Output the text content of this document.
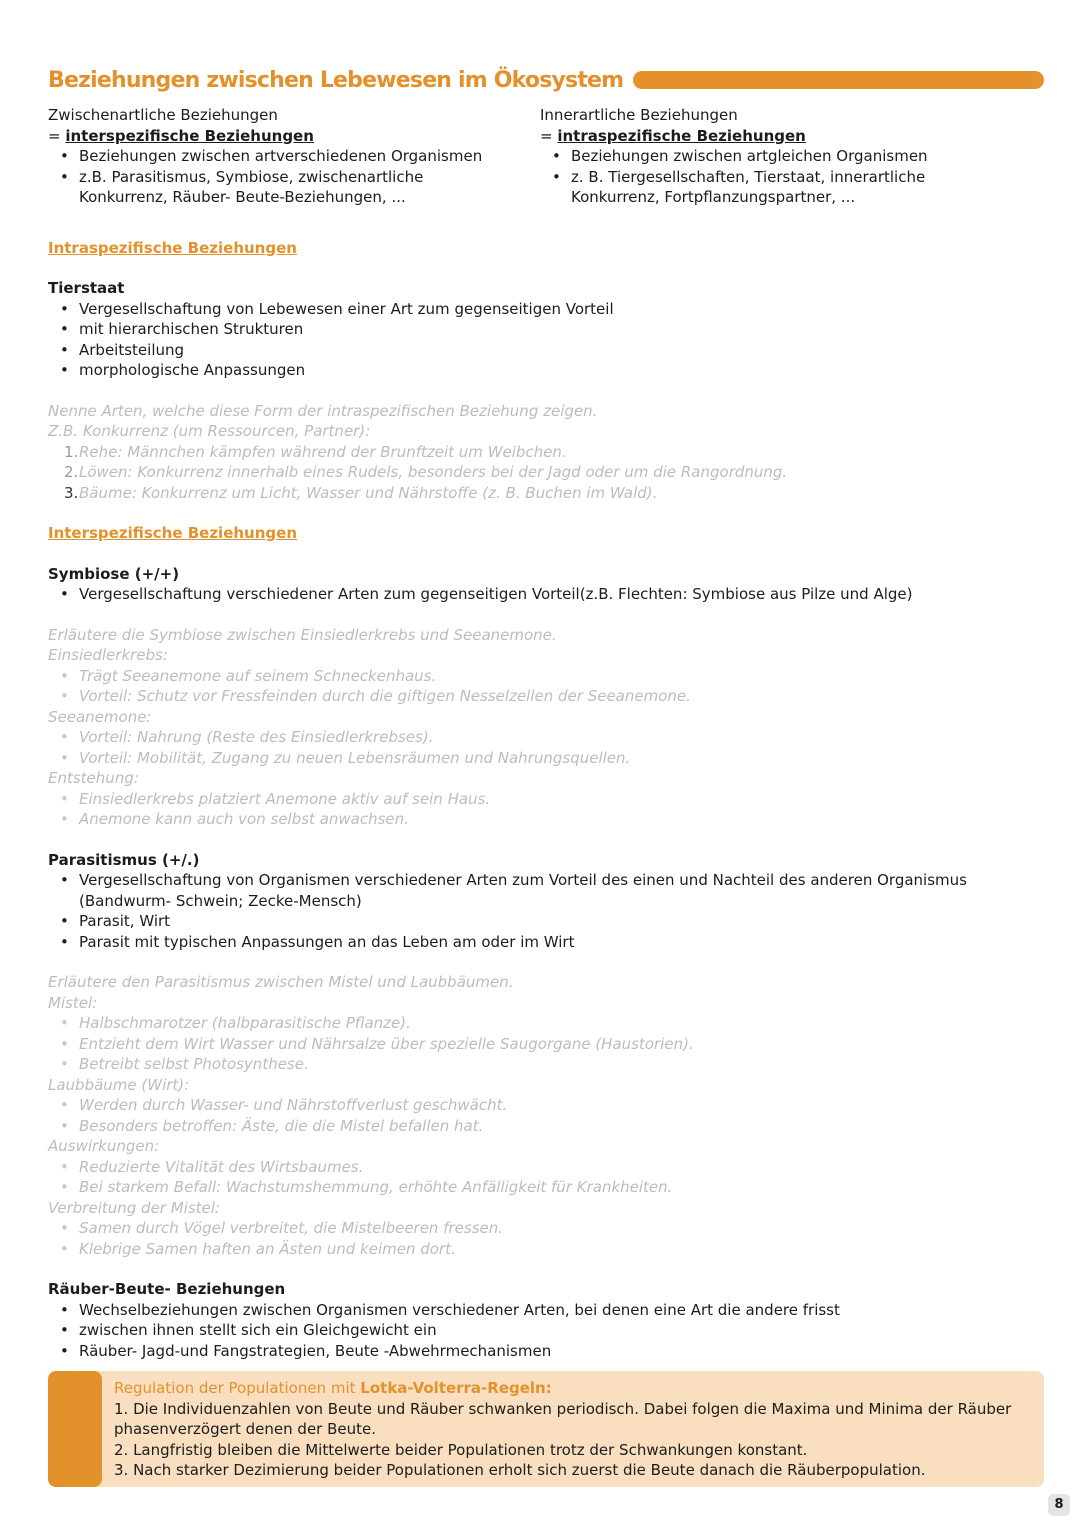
Beziehungen zwischen Lebewesen im Ökosystem

Zwischenartliche Beziehungen

= interspezifische Beziehungen

• Beziehungen zwischen artverschiedenen Organismen
• z.B. Parasitismus, Symbiose, zwischenartliche
Konkurrenz, Räuber- Beute-Beziehungen, ...

Innerartliche Beziehungen

= intraspezifische Beziehungen

• Beziehungen zwischen artgleichen Organismen
• z. B. Tiergesellschaften, Tierstaat, innerartliche
Konkurrenz, Fortpflanzungspartner, ...
Intraspezifische Beziehungen
Tierstaat
• Vergesellschaftung von Lebewesen einer Art zum gegenseitigen Vorteil
• mit hierarchischen Strukturen
• Arbeitsteilung
• morphologische Anpassungen
Nenne Arten, welche diese Form der intraspezifischen Beziehung zeigen.
Z.B. Konkurrenz (um Ressourcen, Partner):
1. Rehe: Männchen kämpfen während der Brunftzeit um Weibchen.
2. Löwen: Konkurrenz innerhalb eines Rudels, besonders bei der Jagd oder um die Rangordnung.
3. Bäume: Konkurrenz um Licht, Wasser und Nährstoffe (z. B. Buchen im Wald).
Interspezifische Beziehungen
Symbiose (+/+)
• Vergesellschaftung verschiedener Arten zum gegenseitigen Vorteil(z.B. Flechten: Symbiose aus Pilze und Alge)
Erläutere die Symbiose zwischen Einsiedlerkrebs und Seeanemone.
Einsiedlerkrebs:
• Trägt Seeanemone auf seinem Schneckenhaus.
• Vorteil: Schutz vor Fressfeinden durch die giftigen Nesselzellen der Seeanemone.
Seeanemone:
• Vorteil: Nahrung (Reste des Einsiedlerkrebses).
• Vorteil: Mobilität, Zugang zu neuen Lebensräumen und Nahrungsquellen.
Entstehung:
• Einsiedlerkrebs platziert Anemone aktiv auf sein Haus.
• Anemone kann auch von selbst anwachsen.
Parasitismus (+/.)
• Vergesellschaftung von Organismen verschiedener Arten zum Vorteil des einen und Nachteil des anderen Organismus
(Bandwurm- Schwein; Zecke-Mensch)
• Parasit, Wirt
• Parasit mit typischen Anpassungen an das Leben am oder im Wirt
Erläutere den Parasitismus zwischen Mistel und Laubbäumen.
Mistel:
• Halbschmarotzer (halbparasitische Pflanze).
• Entzieht dem Wirt Wasser und Nährsalze über spezielle Saugorgane (Haustorien).
• Betreibt selbst Photosynthese.
Laubbäume (Wirt):
• Werden durch Wasser- und Nährstoffverlust geschwächt.
• Besonders betroffen: Äste, die die Mistel befallen hat.
Auswirkungen:
• Reduzierte Vitalität des Wirtsbaumes.
• Bei starkem Befall: Wachstumshemmung, erhöhte Anfälligkeit für Krankheiten.
Verbreitung der Mistel:
• Samen durch Vögel verbreitet, die Mistelbeeren fressen.
• Klebrige Samen haften an Ästen und keimen dort.
Räuber-Beute- Beziehungen
• Wechselbeziehungen zwischen Organismen verschiedener Arten, bei denen eine Art die andere frisst
• zwischen ihnen stellt sich ein Gleichgewicht ein
• Räuber- Jagd-und Fangstrategien, Beute -Abwehrmechanismen
Regulation der Populationen mit Lotka-Volterra-Regeln:
1. Die Individuenzahlen von Beute und Räuber schwanken periodisch. Dabei folgen die Maxima und Minima der Räuber
phasenverzögert denen der Beute.
2. Langfristig bleiben die Mittelwerte beider Populationen trotz der Schwankungen konstant.
3. Nach starker Dezimierung beider Populationen erholt sich zuerst die Beute danach die Räuberpopulation.
8
